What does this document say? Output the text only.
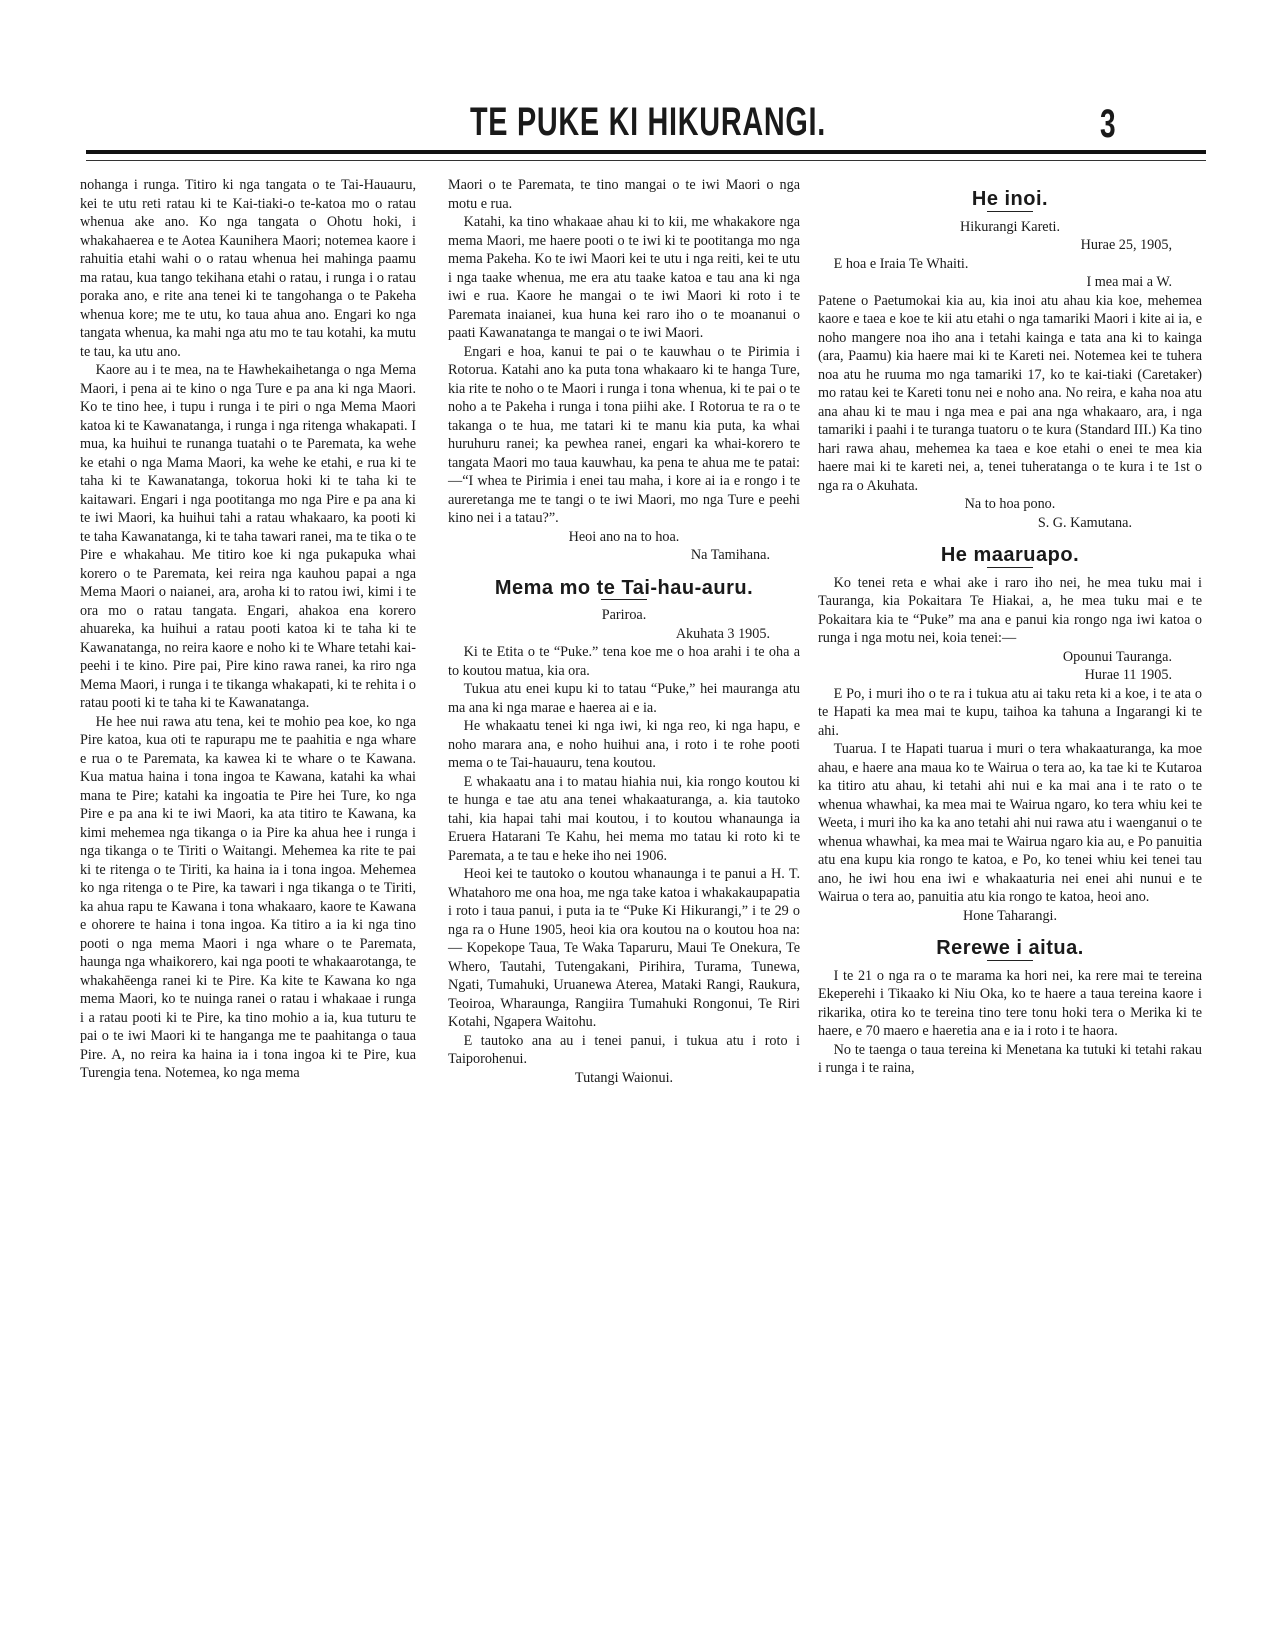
TE PUKE KI HIKURANGI.	3

nohanga i runga. Titiro ki nga tangata o te Tai-Hauauru, kei te utu reti ratau ki te Kai-tiaki-o te-katoa mo o ratau whenua ake ano. Ko nga tangata o Ohotu hoki, i whakahaerea e te Aotea Kaunihera Maori; notemea kaore i rahuitia etahi wahi o o ratau whenua hei mahinga paamu ma ratau, kua tango tekihana etahi o ratau, i runga i o ratau poraka ano, e rite ana tenei ki te tangohanga o te Pakeha whenua kore; me te utu, ko taua ahua ano. Engari ko nga tangata whenua, ka mahi nga atu mo te tau kotahi, ka mutu te tau, ka utu ano.

Kaore au i te mea, na te Hawhekaihetanga o nga Mema Maori, i pena ai te kino o nga Ture e pa ana ki nga Maori. Ko te tino hee, i tupu i runga i te piri o nga Mema Maori katoa ki te Kawanatanga, i runga i nga ritenga whakapati. I mua, ka huihui te runanga tuatahi o te Paremata, ka wehe ke etahi o nga Mama Maori, ka wehe ke etahi, e rua ki te taha ki te Kawanatanga, tokorua hoki ki te taha ki te kaitawari. Engari i nga pootitanga mo nga Pire e pa ana ki te iwi Maori, ka huihui tahi a ratau whakaaro, ka pooti ki te taha Kawanatanga, ki te taha tawari ranei, ma te tika o te Pire e whakahau. Me titiro koe ki nga pukapuka whai korero o te Paremata, kei reira nga kauhou papai a nga Mema Maori o naianei, ara, aroha ki to ratou iwi, kimi i te ora mo o ratau tangata. Engari, ahakoa ena korero ahuareka, ka huihui a ratau pooti katoa ki te taha ki te Kawanatanga, no reira kaore e noho ki te Whare tetahi kai-peehi i te kino. Pire pai, Pire kino rawa ranei, ka riro nga Mema Maori, i runga i te tikanga whakapati, ki te rehita i o ratau pooti ki te taha ki te Kawanatanga.

He hee nui rawa atu tena, kei te mohio pea koe, ko nga Pire katoa, kua oti te rapurapu me te paahitia e nga whare e rua o te Paremata, ka kawea ki te whare o te Kawana. Kua matua haina i tona ingoa te Kawana, katahi ka whai mana te Pire; katahi ka ingoatia te Pire hei Ture, ko nga Pire e pa ana ki te iwi Maori, ka ata titiro te Kawana, ka kimi mehemea nga tikanga o ia Pire ka ahua hee i runga i nga tikanga o te Tiriti o Waitangi. Mehemea ka rite te pai ki te ritenga o te Tiriti, ka haina ia i tona ingoa. Mehemea ko nga ritenga o te Pire, ka tawari i nga tikanga o te Tiriti, ka ahua rapu te Kawana i tona whakaaro, kaore te Kawana e ohorere te haina i tona ingoa. Ka titiro a ia ki nga tino pooti o nga mema Maori i nga whare o te Paremata, haunga nga whaikorero, kai nga pooti te whakaarotanga, te whakahēenga ranei ki te Pire. Ka kite te Kawana ko nga mema Maori, ko te nuinga ranei o ratau i whakaae i runga i a ratau pooti ki te Pire, ka tino mohio a ia, kua tuturu te pai o te iwi Maori ki te hanganga me te paahitanga o taua Pire. A, no reira ka haina ia i tona ingoa ki te Pire, kua Turengia tena. Notemea, ko nga mema

Maori o te Paremata, te tino mangai o te iwi Maori o nga motu e rua.

Katahi, ka tino whakaae ahau ki to kii, me whakakore nga mema Maori, me haere pooti o te iwi ki te pootitanga mo nga mema Pakeha. Ko te iwi Maori kei te utu i nga reiti, kei te utu i nga taake whenua, me era atu taake katoa e tau ana ki nga iwi e rua. Kaore he mangai o te iwi Maori ki roto i te Paremata inaianei, kua huna kei raro iho o te moananui o paati Kawanatanga te mangai o te iwi Maori.

Engari e hoa, kanui te pai o te kauwhau o te Pirimia i Rotorua. Katahi ano ka puta tona whakaaro ki te hanga Ture, kia rite te noho o te Maori i runga i tona whenua, ki te pai o te noho a te Pakeha i runga i tona piihi ake. I Rotorua te ra o te takanga o te hua, me tatari ki te manu kia puta, ka whai huruhuru ranei; ka pewhea ranei, engari ka whai-korero te tangata Maori mo taua kauwhau, ka pena te ahua me te patai:—“I whea te Pirimia i enei tau maha, i kore ai ia e rongo i te aureretanga me te tangi o te iwi Maori, mo nga Ture e peehi kino nei i a tatau?”.

Heoi ano na to hoa.
Na Tamihana.
Mema mo te Tai-hau-auru.
Pariroa.
Akuhata 3 1905.

Ki te Etita o te “Puke.” tena koe me o hoa arahi i te oha a to koutou matua, kia ora.

Tukua atu enei kupu ki to tatau “Puke,” hei mauranga atu ma ana ki nga marae e haerea ai e ia.

He whakaatu tenei ki nga iwi, ki nga reo, ki nga hapu, e noho marara ana, e noho huihui ana, i roto i te rohe pooti mema o te Tai-hauauru, tena koutou.

E whakaatu ana i to matau hiahia nui, kia rongo koutou ki te hunga e tae atu ana tenei whakaaturanga, a. kia tautoko tahi, kia hapai tahi mai koutou, i to koutou whanaunga ia Eruera Hatarani Te Kahu, hei mema mo tatau ki roto ki te Paremata, a te tau e heke iho nei 1906.

Heoi kei te tautoko o koutou whanaunga i te panui a H. T. Whatahoro me ona hoa, me nga take katoa i whakakaupapatia i roto i taua panui, i puta ia te “Puke Ki Hikurangi,” i te 29 o nga ra o Hune 1905, heoi kia ora koutou na o koutou hoa na:— Kopekope Taua, Te Waka Taparuru, Maui Te Onekura, Te Whero, Tautahi, Tutengakani, Pirihira, Turama, Tunewa, Ngati, Tumahuki, Uruanewa Aterea, Mataki Rangi, Raukura, Teoiroa, Wharaunga, Rangiira Tumahuki Rongonui, Te Riri Kotahi, Ngapera Waitohu.

E tautoko ana au i tenei panui, i tukua atu i roto i Taiporohenui.

Tutangi Waionui.
He inoi.
Hikurangi Kareti.
Hurae 25, 1905,

E hoa e Iraia Te Whaiti.

I mea mai a W.

Patene o Paetumokai kia au, kia inoi atu ahau kia koe, mehemea kaore e taea e koe te kii atu etahi o nga tamariki Maori i kite ai ia, e noho mangere noa iho ana i tetahi kainga e tata ana ki to kainga (ara, Paamu) kia haere mai ki te Kareti nei. Notemea kei te tuhera noa atu he ruuma mo nga tamariki 17, ko te kai-tiaki (Caretaker) mo ratau kei te Kareti tonu nei e noho ana. No reira, e kaha noa atu ana ahau ki te mau i nga mea e pai ana nga whakaaro, ara, i nga tamariki i paahi i te turanga tuatoru o te kura (Standard III.) Ka tino hari rawa ahau, mehemea ka taea e koe etahi o enei te mea kia haere mai ki te kareti nei, a, tenei tuheratanga o te kura i te 1st o nga ra o Akuhata.

Na to hoa pono.
S. G. Kamutana.
He maaruapo.

Ko tenei reta e whai ake i raro iho nei, he mea tuku mai i Tauranga, kia Pokaitara Te Hiakai, a, he mea tuku mai e te Pokaitara kia te “Puke” ma ana e panui kia rongo nga iwi katoa o runga i nga motu nei, koia tenei:—

Opounui Tauranga.
Hurae 11 1905.

E Po, i muri iho o te ra i tukua atu ai taku reta ki a koe, i te ata o te Hapati ka mea mai te kupu, taihoa ka tahuna a Ingarangi ki te ahi.

Tuarua. I te Hapati tuarua i muri o tera whakaaturanga, ka moe ahau, e haere ana maua ko te Wairua o tera ao, ka tae ki te Kutaroa ka titiro atu ahau, ki tetahi ahi nui e ka mai ana i te rato o te whenua whawhai, ka mea mai te Wairua ngaro, ko tera whiu kei te Weeta, i muri iho ka ka ano tetahi ahi nui rawa atu i waenganui o te whenua whawhai, ka mea mai te Wairua ngaro kia au, e Po panuitia atu ena kupu kia rongo te katoa, e Po, ko tenei whiu kei tenei tau ano, he iwi hou ena iwi e whakaaturia nei enei ahi nunui e te Wairua o tera ao, panuitia atu kia rongo te katoa, heoi ano.

Hone Taharangi.
Rerewe i aitua.

I te 21 o nga ra o te marama ka hori nei, ka rere mai te tereina Ekeperehi i Tikaako ki Niu Oka, ko te haere a taua tereina kaore i rikarika, otira ko te tereina tino tere tonu hoki tera o Merika ki te haere, e 70 maero e haeretia ana e ia i roto i te haora.

No te taenga o taua tereina ki Menetana ka tutuki ki tetahi rakau i runga i te raina,
